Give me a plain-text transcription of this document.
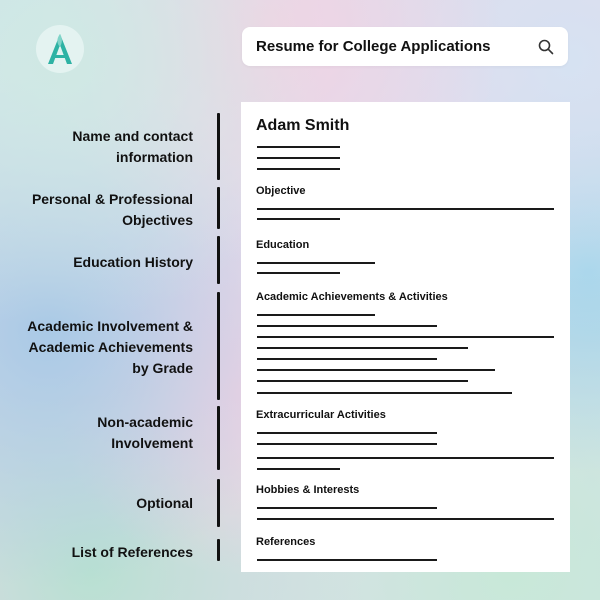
Resume for College Applications
Name and contact
information
Personal & Professional
Objectives
Education History
Academic Involvement &
Academic Achievements
by Grade
Non-academic
Involvement
Optional
List of References
Adam Smith
Objective
Education
Academic Achievements & Activities
Extracurricular Activities
Hobbies & Interests
References
